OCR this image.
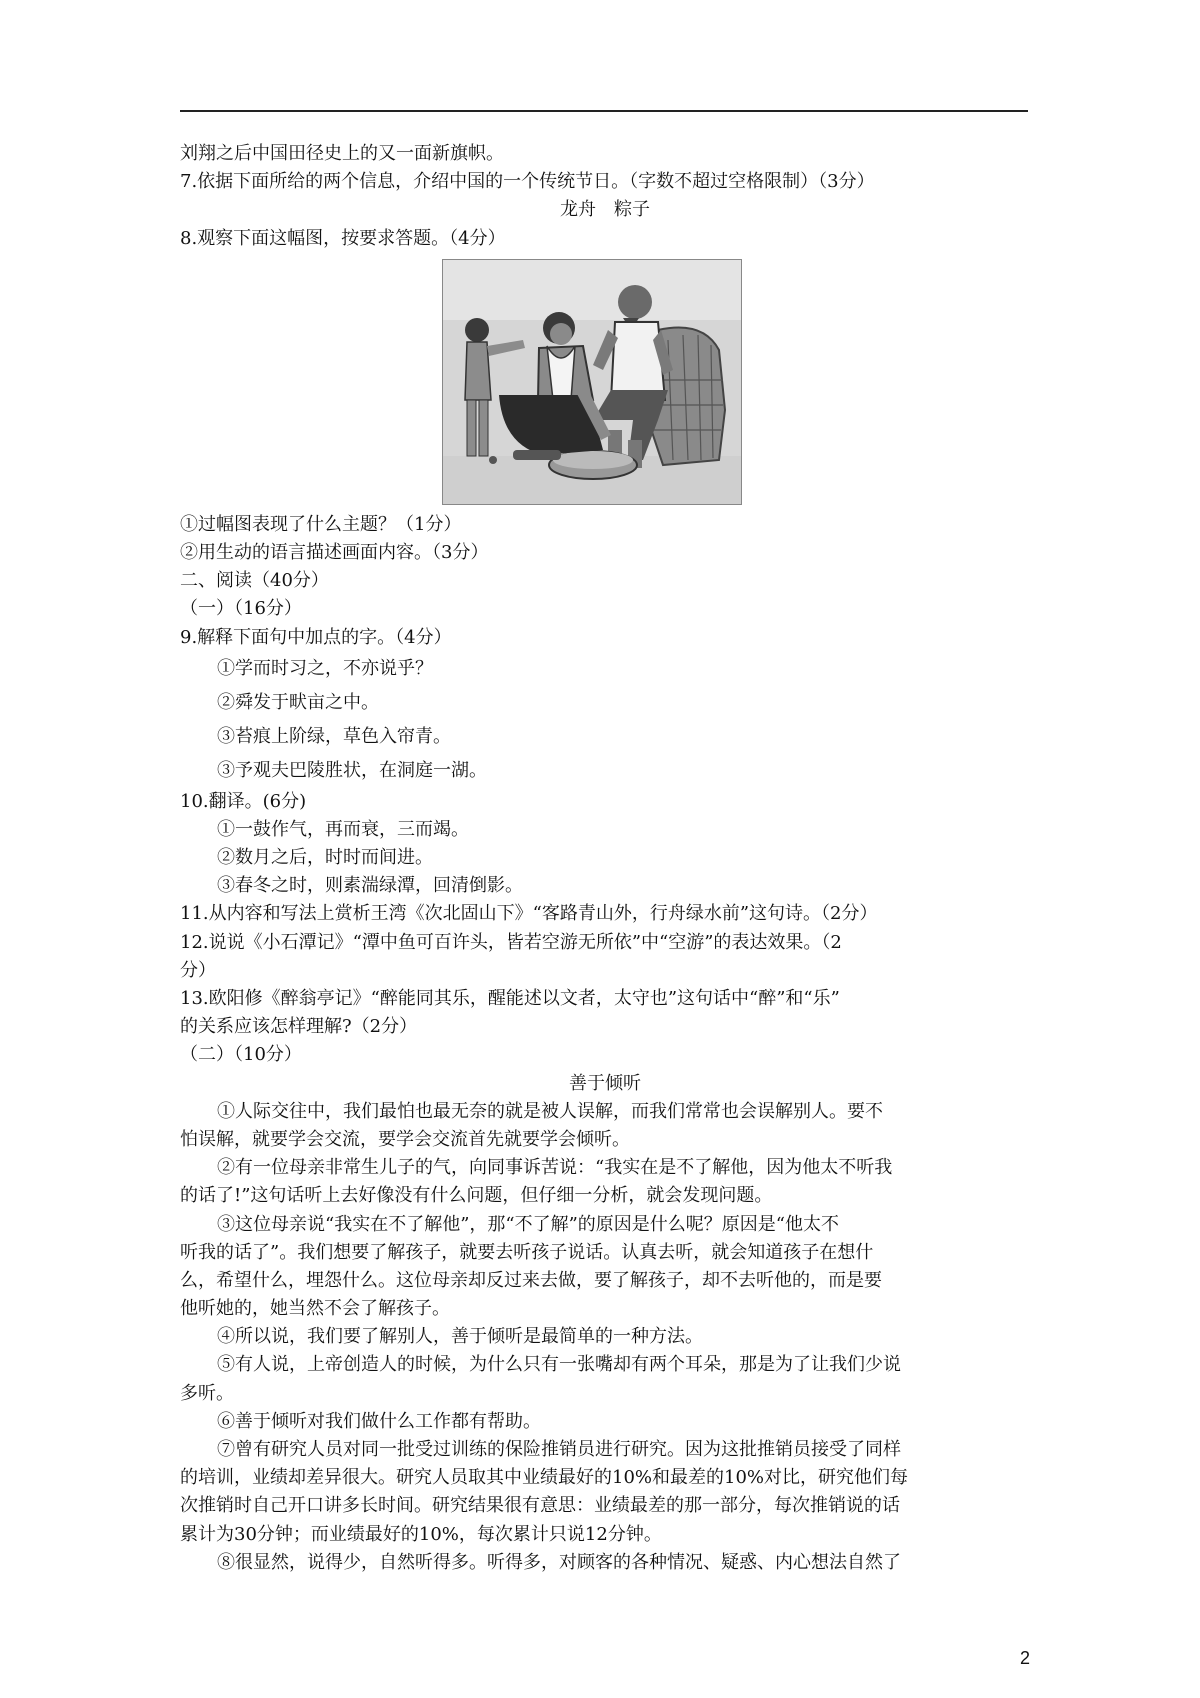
刘翔之后中国田径史上的又一面新旗帜。
7.依据下面所给的两个信息，介绍中国的一个传统节日。（字数不超过空格限制）（3分）
龙舟　粽子
8.观察下面这幅图，按要求答题。（4分）
①过幅图表现了什么主题？（1分）
②用生动的语言描述画面内容。（3分）
二、阅读（40分）
（一）（16分）
9.解释下面句中加点的字。（4分）
①学而时习之，不亦说乎？
②舜发于畎亩之中。
③苔痕上阶绿，草色入帘青。
③予观夫巴陵胜状，在洞庭一湖。
10.翻译。(6分)
①一鼓作气，再而衰，三而竭。
②数月之后，时时而间进。
③春冬之时，则素湍绿潭，回清倒影。
11.从内容和写法上赏析王湾《次北固山下》“客路青山外，行舟绿水前”这句诗。（2分）
12.说说《小石潭记》“潭中鱼可百许头，皆若空游无所依”中“空游”的表达效果。（2
分）
13.欧阳修《醉翁亭记》“醉能同其乐，醒能述以文者，太守也”这句话中“醉”和“乐”
的关系应该怎样理解?（2分）
（二）（10分）
善于倾听
①人际交往中，我们最怕也最无奈的就是被人误解，而我们常常也会误解别人。要不
怕误解，就要学会交流，要学会交流首先就要学会倾听。
②有一位母亲非常生儿子的气，向同事诉苦说：“我实在是不了解他，因为他太不听我
的话了!”这句话听上去好像没有什么问题，但仔细一分析，就会发现问题。
③这位母亲说“我实在不了解他”，那“不了解”的原因是什么呢？原因是“他太不
听我的话了”。我们想要了解孩子，就要去听孩子说话。认真去听，就会知道孩子在想什
么，希望什么，埋怨什么。这位母亲却反过来去做，要了解孩子，却不去听他的，而是要
他听她的，她当然不会了解孩子。
④所以说，我们要了解别人，善于倾听是最简单的一种方法。
⑤有人说，上帝创造人的时候，为什么只有一张嘴却有两个耳朵，那是为了让我们少说
多听。
⑥善于倾听对我们做什么工作都有帮助。
⑦曾有研究人员对同一批受过训练的保险推销员进行研究。因为这批推销员接受了同样
的培训，业绩却差异很大。研究人员取其中业绩最好的10%和最差的10%对比，研究他们每
次推销时自己开口讲多长时间。研究结果很有意思：业绩最差的那一部分，每次推销说的话
累计为30分钟；而业绩最好的10%，每次累计只说12分钟。
⑧很显然，说得少，自然听得多。听得多，对顾客的各种情况、疑惑、内心想法自然了
2
